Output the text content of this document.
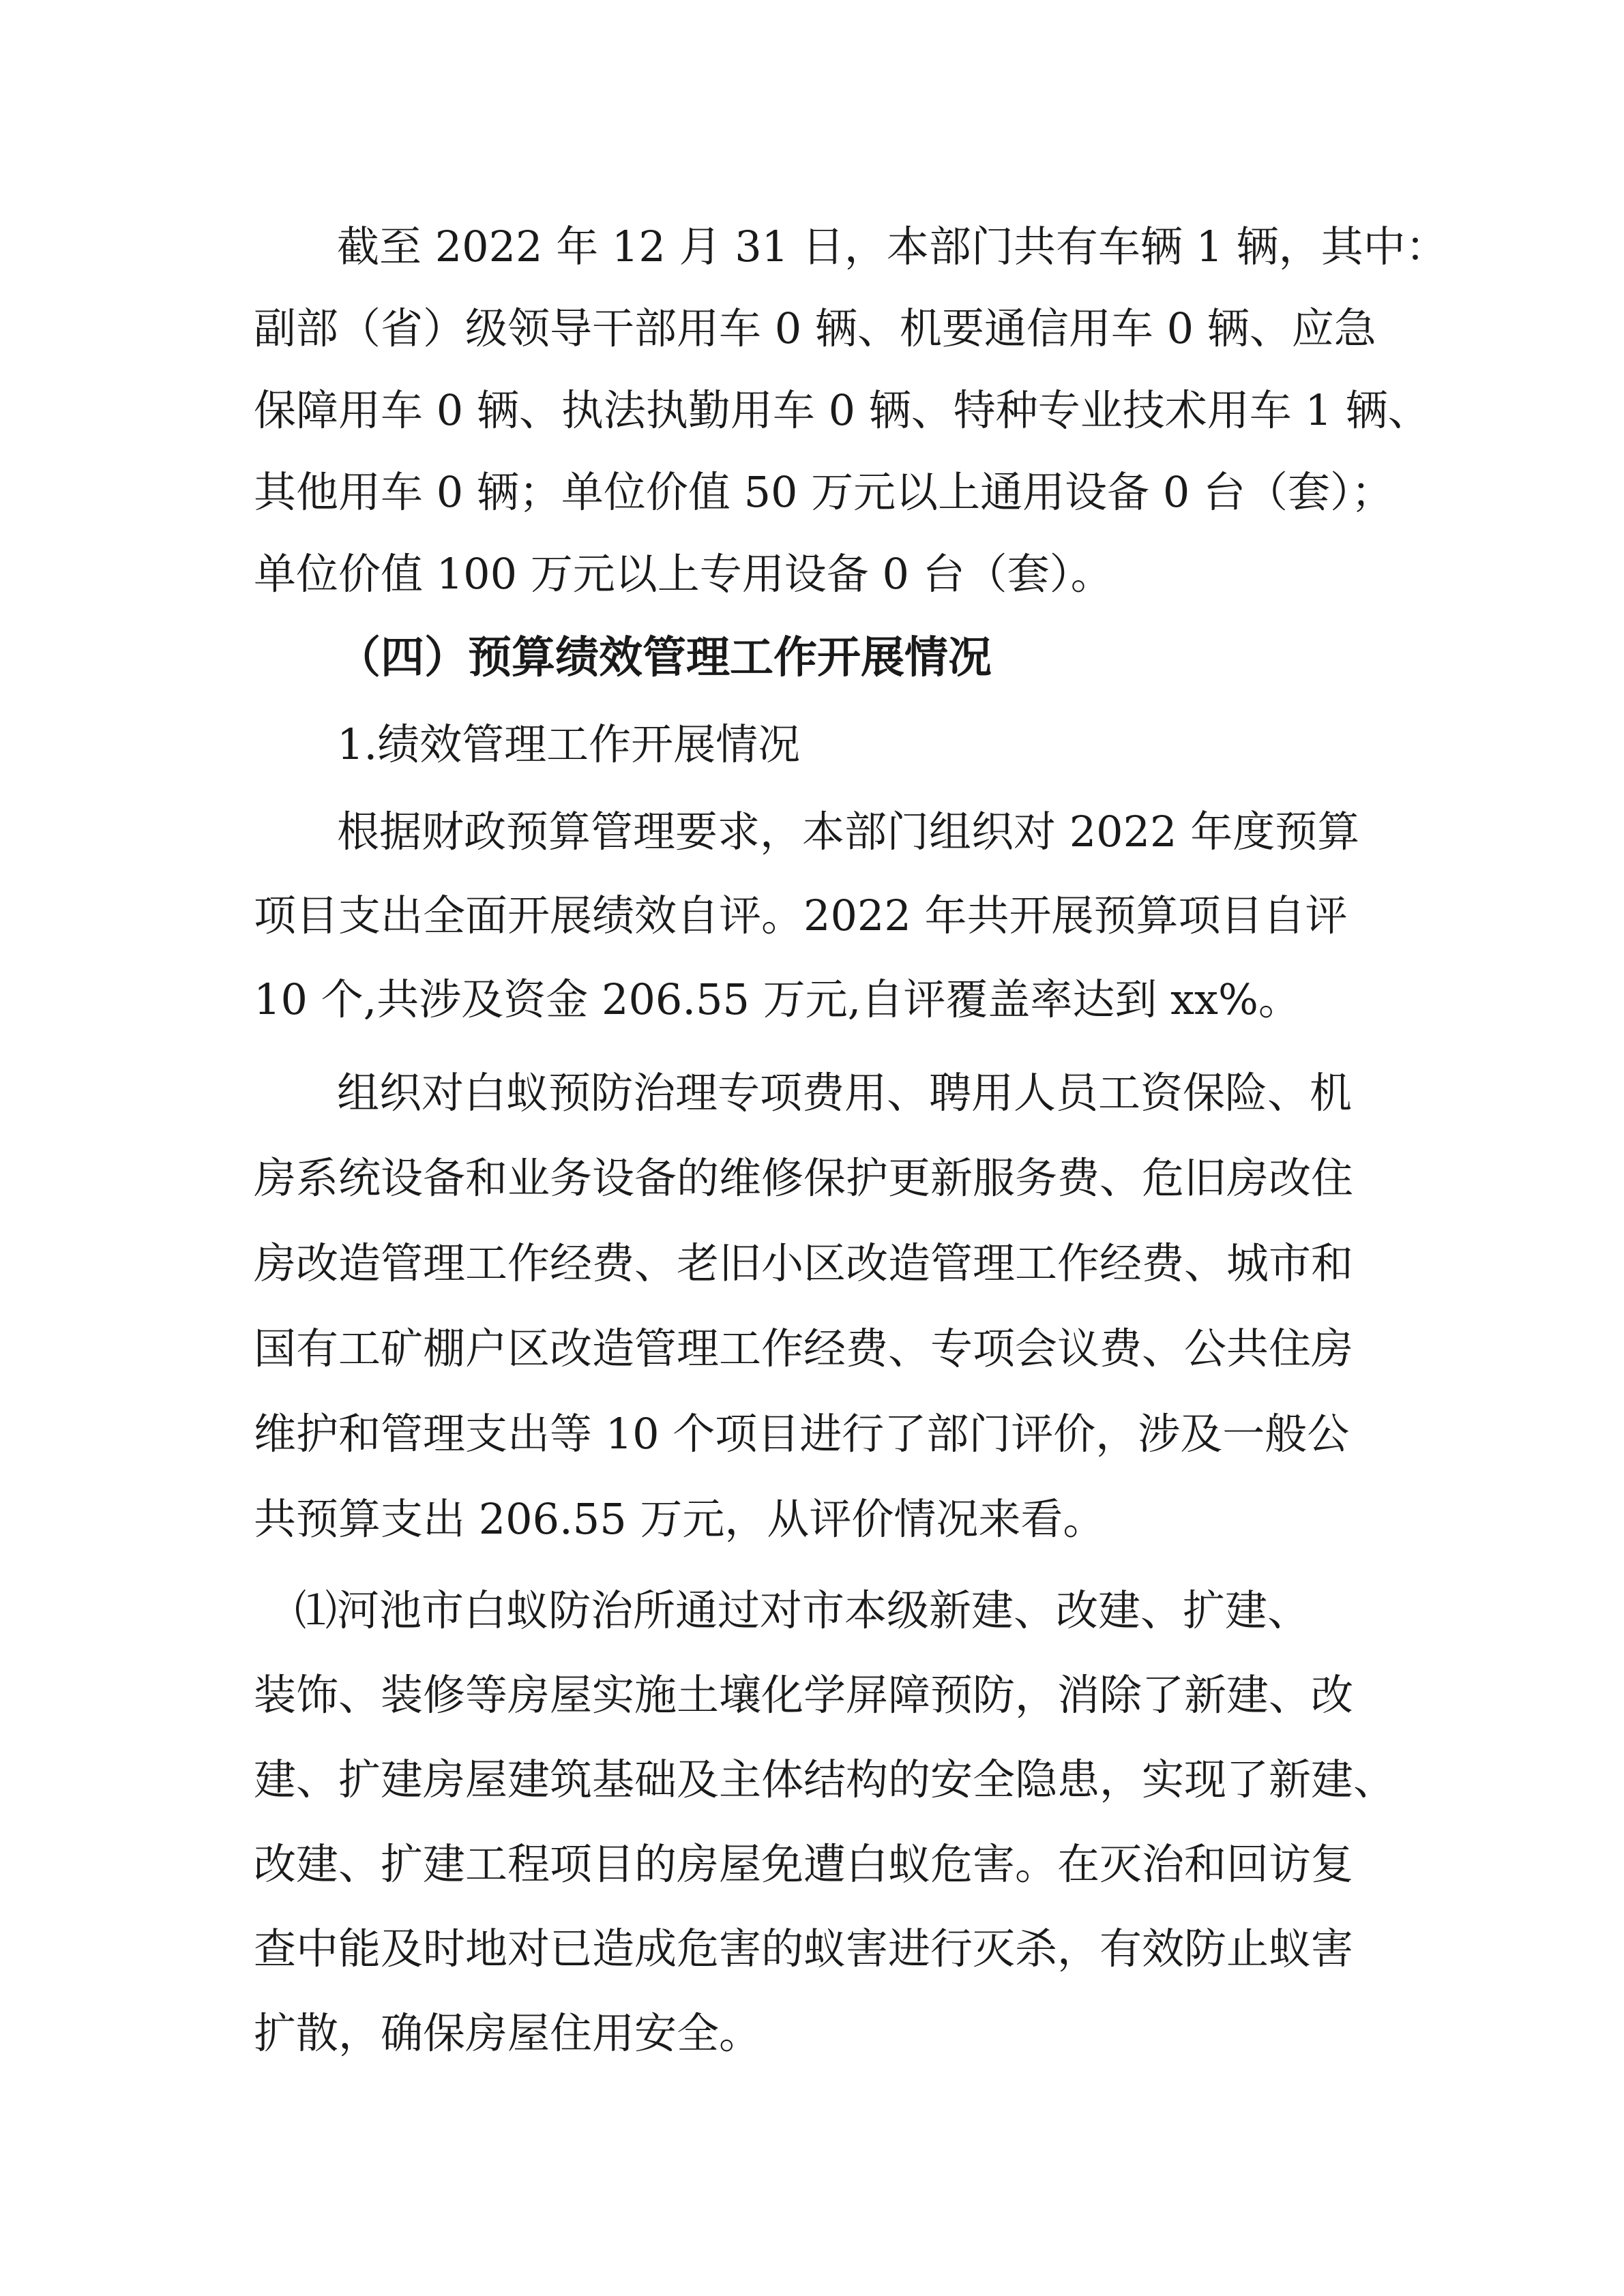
截至 2022 年 12 月 31 日，本部门共有车辆 1 辆，其中：
副部（省）级领导干部用车 0 辆、机要通信用车 0 辆、应急
保障用车 0 辆、执法执勤用车 0 辆、特种专业技术用车 1 辆、
其他用车 0 辆；单位价值 50 万元以上通用设备 0 台（套）；
单位价值 100 万元以上专用设备 0 台（套）。
（四）预算绩效管理工作开展情况
1.绩效管理工作开展情况
根据财政预算管理要求，本部门组织对 2022 年度预算
项目支出全面开展绩效自评。2022 年共开展预算项目自评
10 个,共涉及资金 206.55 万元,自评覆盖率达到 xx%。
组织对白蚁预防治理专项费用、聘用人员工资保险、机
房系统设备和业务设备的维修保护更新服务费、危旧房改住
房改造管理工作经费、老旧小区改造管理工作经费、城市和
国有工矿棚户区改造管理工作经费、专项会议费、公共住房
维护和管理支出等 10 个项目进行了部门评价，涉及一般公
共预算支出 206.55 万元，从评价情况来看。
⑴河池市白蚁防治所通过对市本级新建、改建、扩建、
装饰、装修等房屋实施土壤化学屏障预防，消除了新建、改
建、扩建房屋建筑基础及主体结构的安全隐患，实现了新建、
改建、扩建工程项目的房屋免遭白蚁危害。在灭治和回访复
查中能及时地对已造成危害的蚁害进行灭杀，有效防止蚁害
扩散，确保房屋住用安全。
